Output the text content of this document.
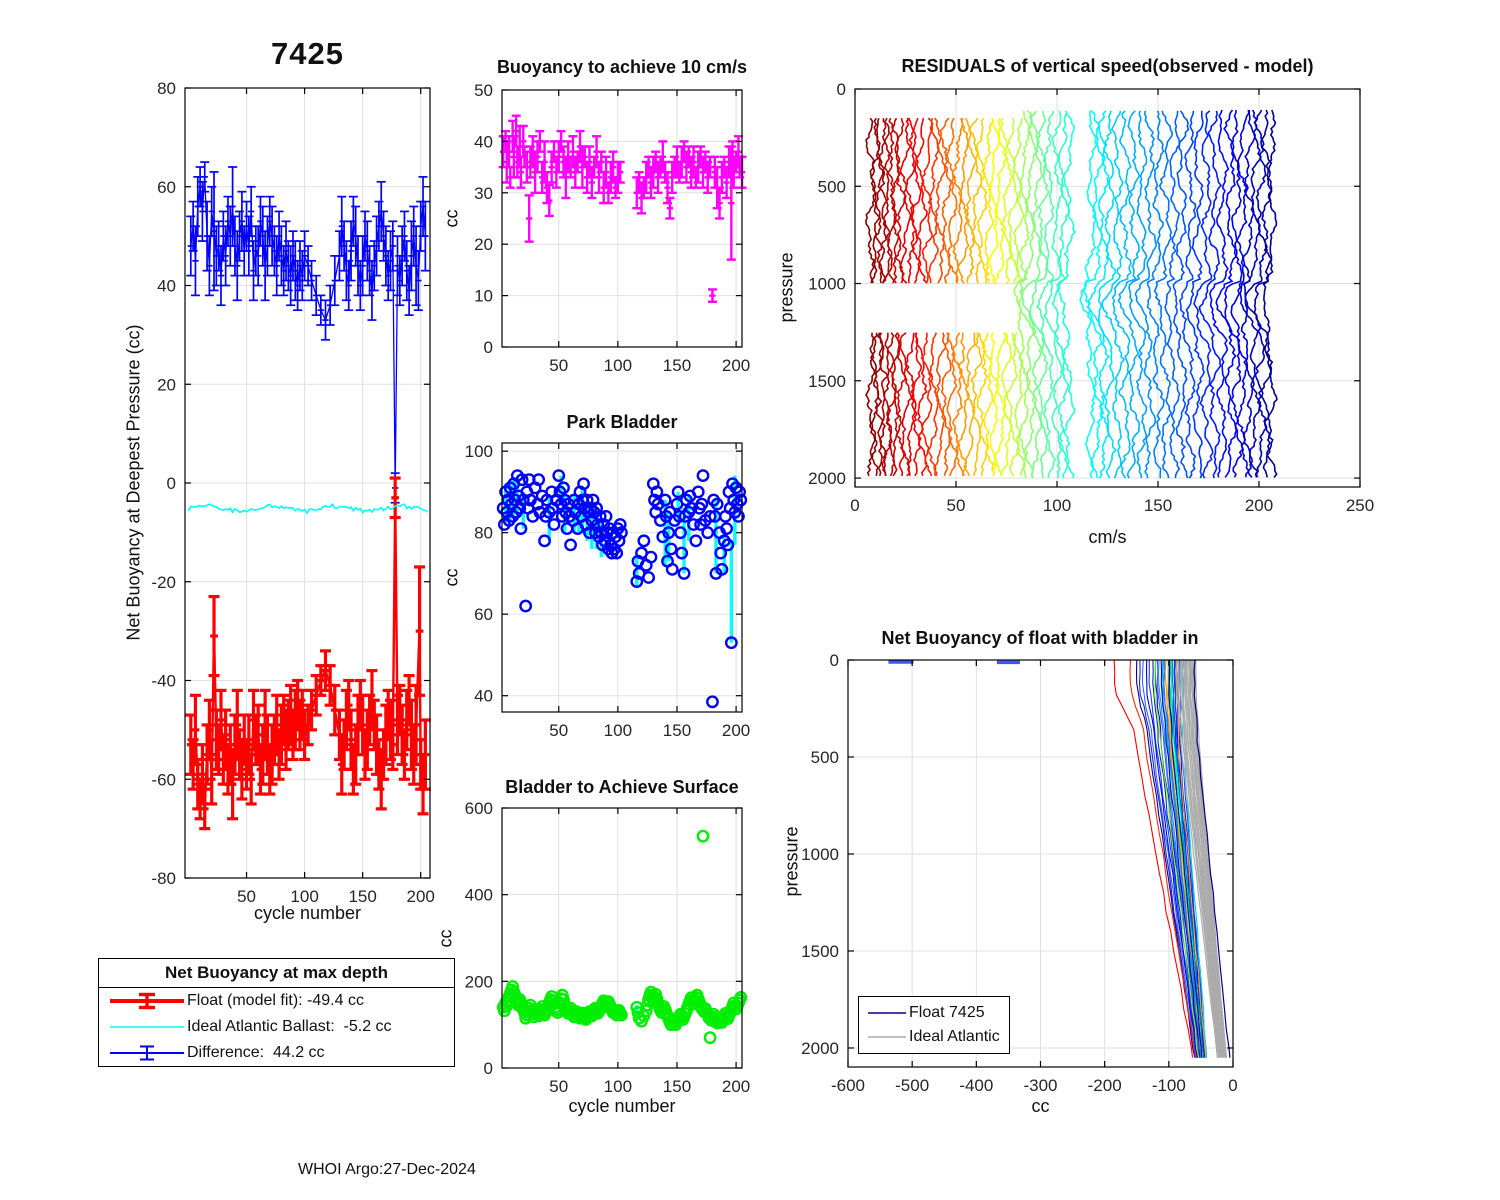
50 100 150 200
-80
-60
-40
-20
0
20
40
60
80
50 100 150 200
0
10
20
30
40
50
50 100 150 200
40
60
80
100
50 100 150 200
0
200
400
600
0	50	100	150	200	250
0
500
1000
1500
2000
-600 -500 -400 -300 -200 -100 0
0
500
1000
1500
2000
7425	Buoyancy to achieve 10 cm/s
Park Bladder
Bladder to Achieve Surface
RESIDUALS of vertical speed(observed - model)
Net Buoyancy of float with bladder in
cycle number
cycle number
cm/s
cc
Net Buoyancy at Deepest Pressure (cc)
cc
cc
cc
pressure
pressure
Net Buoyancy at max depth
Float (model fit): -49.4 cc
Ideal Atlantic Ballast:  -5.2 cc
Difference:  44.2 cc
Float 7425
Ideal Atlantic
WHOI Argo:27-Dec-2024
